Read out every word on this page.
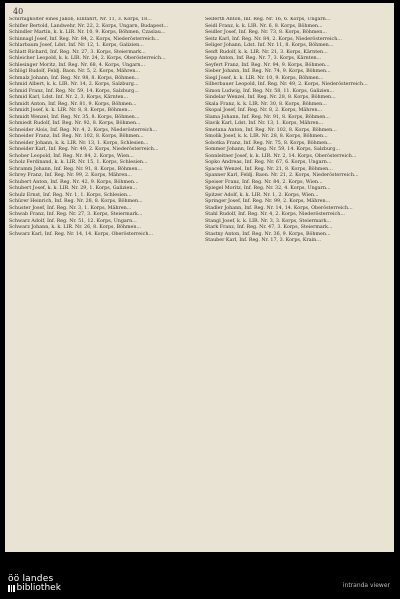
40
Schirnigkolter eines Jakob, Einfahrt, Nr. 11, 3. Korps, 18...
Schifler Bertold, Landwehr, Nr. 22, 2. Korps, Ungarn, Budapest...
Schindler Martin, k. k. LIR. Nr. 10, 9. Korps, Böhmen, Czaslau...
Schinnagl Josef, Inf. Reg. Nr. 84, 2. Korps, Niederösterreich...
Schlarbaum Josef, Ldst. Inf. Nr. 12, 1. Korps, Galizien...
Schlatt Richard, Inf. Reg. Nr. 27, 3. Korps, Steiermark...
Schleicher Leopold, k. k. LIR. Nr. 24, 2. Korps, Oberösterreich...
Schlesinger Moritz, Inf. Reg. Nr. 68, 4. Korps, Ungarn...
Schlögl Rudolf, Feldj. Baon. Nr. 5, 2. Korps, Mähren...
Schmalz Johann, Inf. Reg. Nr. 98, 8. Korps, Böhmen...
Schmid Albert, k. k. LIR. Nr. 14, 2. Korps, Salzburg...
Schmid Franz, Inf. Reg. Nr. 59, 14. Korps, Salzburg...
Schmid Karl, Ldst. Inf. Nr. 2, 3. Korps, Kärnten...
Schmidt Anton, Inf. Reg. Nr. 81, 9. Korps, Böhmen...
Schmidt Josef, k. k. LIR. Nr. 8, 8. Korps, Böhmen...
Schmidt Wenzel, Inf. Reg. Nr. 35, 8. Korps, Böhmen...
Schmiedt Rudolf, Inf. Reg. Nr. 92, 8. Korps, Böhmen...
Schneider Alois, Inf. Reg. Nr. 4, 2. Korps, Niederösterreich...
Schneider Franz, Inf. Reg. Nr. 102, 8. Korps, Böhmen...
Schneider Johann, k. k. LIR. Nr. 13, 1. Korps, Schlesien...
Schneider Karl, Inf. Reg. Nr. 49, 2. Korps, Niederösterreich...
Schober Leopold, Inf. Reg. Nr. 84, 2. Korps, Wien...
Scholz Ferdinand, k. k. LIR. Nr. 15, 1. Korps, Schlesien...
Schramm Johann, Inf. Reg. Nr. 91, 8. Korps, Böhmen...
Schrey Franz, Inf. Reg. Nr. 99, 2. Korps, Mähren...
Schubert Anton, Inf. Reg. Nr. 42, 9. Korps, Böhmen...
Schubert Josef, k. k. LIR. Nr. 29, 1. Korps, Galizien...
Schulz Ernst, Inf. Reg. Nr. 1, 1. Korps, Schlesien...
Schürer Heinrich, Inf. Reg. Nr. 28, 8. Korps, Böhmen...
Schuster Josef, Inf. Reg. Nr. 3, 1. Korps, Mähren...
Schwab Franz, Inf. Reg. Nr. 27, 3. Korps, Steiermark...
Schwarz Adolf, Inf. Reg. Nr. 51, 12. Korps, Ungarn...
Schwarz Johann, k. k. LIR. Nr. 26, 8. Korps, Böhmen...
Schwarz Karl, Inf. Reg. Nr. 14, 14. Korps, Oberösterreich...
Seiferth Anton, Inf. Reg. Nr. 16, 6. Korps, Ungarn...
Seidl Franz, k. k. LIR. Nr. 6, 8. Korps, Böhmen...
Seidler Josef, Inf. Reg. Nr. 73, 8. Korps, Böhmen...
Seitz Karl, Inf. Reg. Nr. 84, 2. Korps, Niederösterreich...
Seliger Johann, Ldst. Inf. Nr. 11, 8. Korps, Böhmen...
Senft Rudolf, k. k. LIR. Nr. 21, 3. Korps, Kärnten...
Sepp Anton, Inf. Reg. Nr. 7, 3. Korps, Kärnten...
Seyfert Franz, Inf. Reg. Nr. 94, 9. Korps, Böhmen...
Sieber Johann, Inf. Reg. Nr. 74, 9. Korps, Böhmen...
Siegl Josef, k. k. LIR. Nr. 10, 9. Korps, Böhmen...
Silberbauer Leopold, Inf. Reg. Nr. 49, 2. Korps, Niederösterreich...
Simon Ludwig, Inf. Reg. Nr. 58, 11. Korps, Galizien...
Sindelar Wenzel, Inf. Reg. Nr. 28, 8. Korps, Böhmen...
Skala Franz, k. k. LIR. Nr. 30, 8. Korps, Böhmen...
Skopal Josef, Inf. Reg. Nr. 8, 2. Korps, Mähren...
Slama Johann, Inf. Reg. Nr. 91, 8. Korps, Böhmen...
Slavik Karl, Ldst. Inf. Nr. 13, 1. Korps, Mähren...
Smetana Anton, Inf. Reg. Nr. 102, 8. Korps, Böhmen...
Smolik Josef, k. k. LIR. Nr. 28, 8. Korps, Böhmen...
Sobotka Franz, Inf. Reg. Nr. 75, 8. Korps, Böhmen...
Sommer Johann, Inf. Reg. Nr. 59, 14. Korps, Salzburg...
Sonnleitner Josef, k. k. LIR. Nr. 2, 14. Korps, Oberösterreich...
Sopko Andreas, Inf. Reg. Nr. 67, 6. Korps, Ungarn...
Spacek Wenzel, Inf. Reg. Nr. 21, 8. Korps, Böhmen...
Spanner Karl, Feldj. Baon. Nr. 21, 2. Korps, Niederösterreich...
Speiser Franz, Inf. Reg. Nr. 84, 2. Korps, Wien...
Spiegel Moritz, Inf. Reg. Nr. 32, 4. Korps, Ungarn...
Spitzer Adolf, k. k. LIR. Nr. 1, 2. Korps, Wien...
Springer Josef, Inf. Reg. Nr. 99, 2. Korps, Mähren...
Stadler Johann, Inf. Reg. Nr. 14, 14. Korps, Oberösterreich...
Stahl Rudolf, Inf. Reg. Nr. 4, 2. Korps, Niederösterreich...
Stangl Josef, k. k. LIR. Nr. 3, 3. Korps, Steiermark...
Stark Franz, Inf. Reg. Nr. 47, 3. Korps, Steiermark...
Stastny Anton, Inf. Reg. Nr. 36, 9. Korps, Böhmen...
Stauber Karl, Inf. Reg. Nr. 17, 3. Korps, Krain...
öö landes
bibliothek	intranda viewer
